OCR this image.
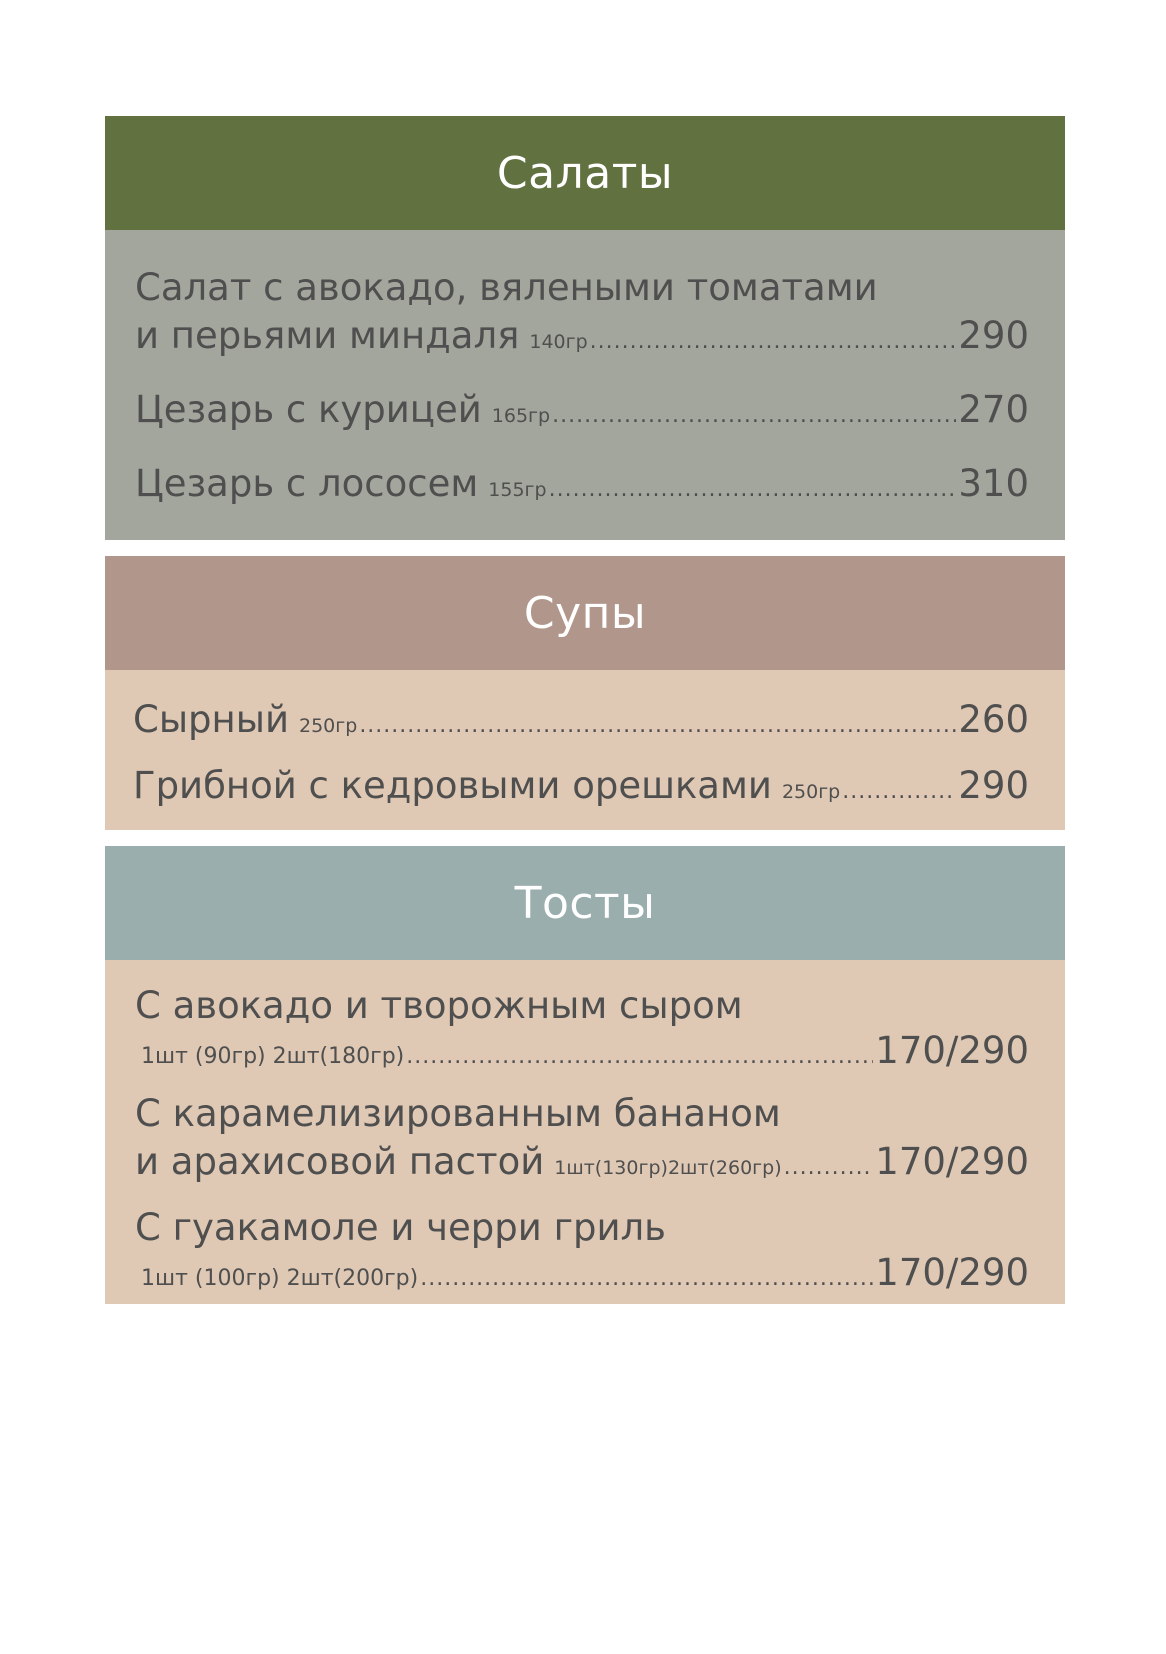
Салаты
Салат с авокадо, вялеными томатами
и перьями миндаля 140гр .....	290
Цезарь с курицей 165гр .....	270
Цезарь с лососем 155гр .....	310
Супы
Сырный 250гр .....	260
Грибной с кедровыми орешками 250гр .....	290
Тосты
С авокадо и творожным сыром
1шт (90гр) 2шт(180гр) .....	170/290
С карамелизированным бананом
и арахисовой пастой 1шт(130гр)2шт(260гр) .....	170/290
С гуакамоле и черри гриль
1шт (100гр) 2шт(200гр) .....	170/290
